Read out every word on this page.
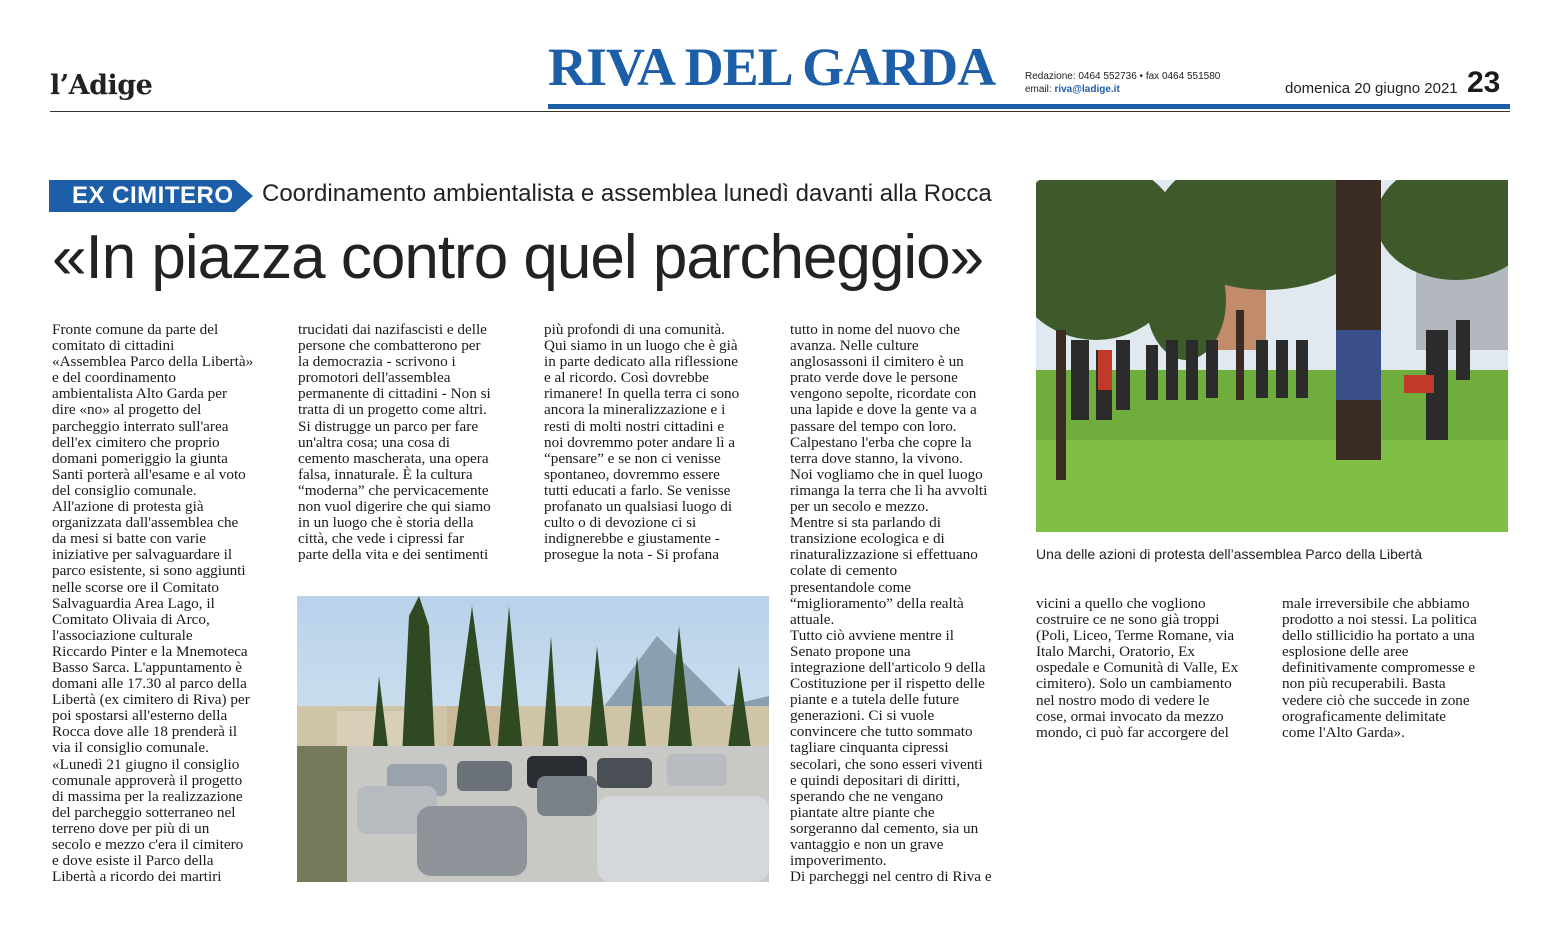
l’Adige	RIVA DEL GARDA	Redazione: 0464 552736 • fax 0464 551580
email: riva@ladige.it	domenica 20 giugno 2021 23
EX CIMITERO Coordinamento ambientalista e assemblea lunedì davanti alla Rocca
«In piazza contro quel parcheggio»
Fronte comune da parte del
comitato di cittadini
«Assemblea Parco della Libertà»
e del coordinamento
ambientalista Alto Garda per
dire «no» al progetto del
parcheggio interrato sull'area
dell'ex cimitero che proprio
domani pomeriggio la giunta
Santi porterà all'esame e al voto
del consiglio comunale.
All'azione di protesta già
organizzata dall'assemblea che
da mesi si batte con varie
iniziative per salvaguardare il
parco esistente, si sono aggiunti
nelle scorse ore il Comitato
Salvaguardia Area Lago, il
Comitato Olivaia di Arco,
l'associazione culturale
Riccardo Pinter e la Mnemoteca
Basso Sarca. L'appuntamento è
domani alle 17.30 al parco della
Libertà (ex cimitero di Riva) per
poi spostarsi all'esterno della
Rocca dove alle 18 prenderà il
via il consiglio comunale.
«Lunedì 21 giugno il consiglio
comunale approverà il progetto
di massima per la realizzazione
del parcheggio sotterraneo nel
terreno dove per più di un
secolo e mezzo c'era il cimitero
e dove esiste il Parco della
Libertà a ricordo dei martiri
trucidati dai nazifascisti e delle
persone che combatterono per
la democrazia - scrivono i
promotori dell'assemblea
permanente di cittadini - Non si
tratta di un progetto come altri.
Si distrugge un parco per fare
un'altra cosa; una cosa di
cemento mascherata, una opera
falsa, innaturale. È la cultura
“moderna” che pervicacemente
non vuol digerire che qui siamo
in un luogo che è storia della
città, che vede i cipressi far
parte della vita e dei sentimenti
più profondi di una comunità.
Qui siamo in un luogo che è già
in parte dedicato alla riflessione
e al ricordo. Così dovrebbe
rimanere! In quella terra ci sono
ancora la mineralizzazione e i
resti di molti nostri cittadini e
noi dovremmo poter andare lì a
“pensare” e se non ci venisse
spontaneo, dovremmo essere
tutti educati a farlo. Se venisse
profanato un qualsiasi luogo di
culto o di devozione ci si
indignerebbe e giustamente -
prosegue la nota - Si profana
tutto in nome del nuovo che
avanza. Nelle culture
anglosassoni il cimitero è un
prato verde dove le persone
vengono sepolte, ricordate con
una lapide e dove la gente va a
passare del tempo con loro.
Calpestano l'erba che copre la
terra dove stanno, la vivono.
Noi vogliamo che in quel luogo
rimanga la terra che lì ha avvolti
per un secolo e mezzo.
Mentre si sta parlando di
transizione ecologica e di
rinaturalizzazione si effettuano
colate di cemento
presentandole come
“miglioramento” della realtà
attuale.
Tutto ciò avviene mentre il
Senato propone una
integrazione dell'articolo 9 della
Costituzione per il rispetto delle
piante e a tutela delle future
generazioni. Ci si vuole
convincere che tutto sommato
tagliare cinquanta cipressi
secolari, che sono esseri viventi
e quindi depositari di diritti,
sperando che ne vengano
piantate altre piante che
sorgeranno dal cemento, sia un
vantaggio e non un grave
impoverimento.
Di parcheggi nel centro di Riva e
vicini a quello che vogliono
costruire ce ne sono già troppi
(Poli, Liceo, Terme Romane, via
Italo Marchi, Oratorio, Ex
ospedale e Comunità di Valle, Ex
cimitero). Solo un cambiamento
nel nostro modo di vedere le
cose, ormai invocato da mezzo
mondo, ci può far accorgere del
male irreversibile che abbiamo
prodotto a noi stessi. La politica
dello stillicidio ha portato a una
esplosione delle aree
definitivamente compromesse e
non più recuperabili. Basta
vedere ciò che succede in zone
orograficamente delimitate
come l'Alto Garda».
Una delle azioni di protesta dell’assemblea Parco della Libertà
